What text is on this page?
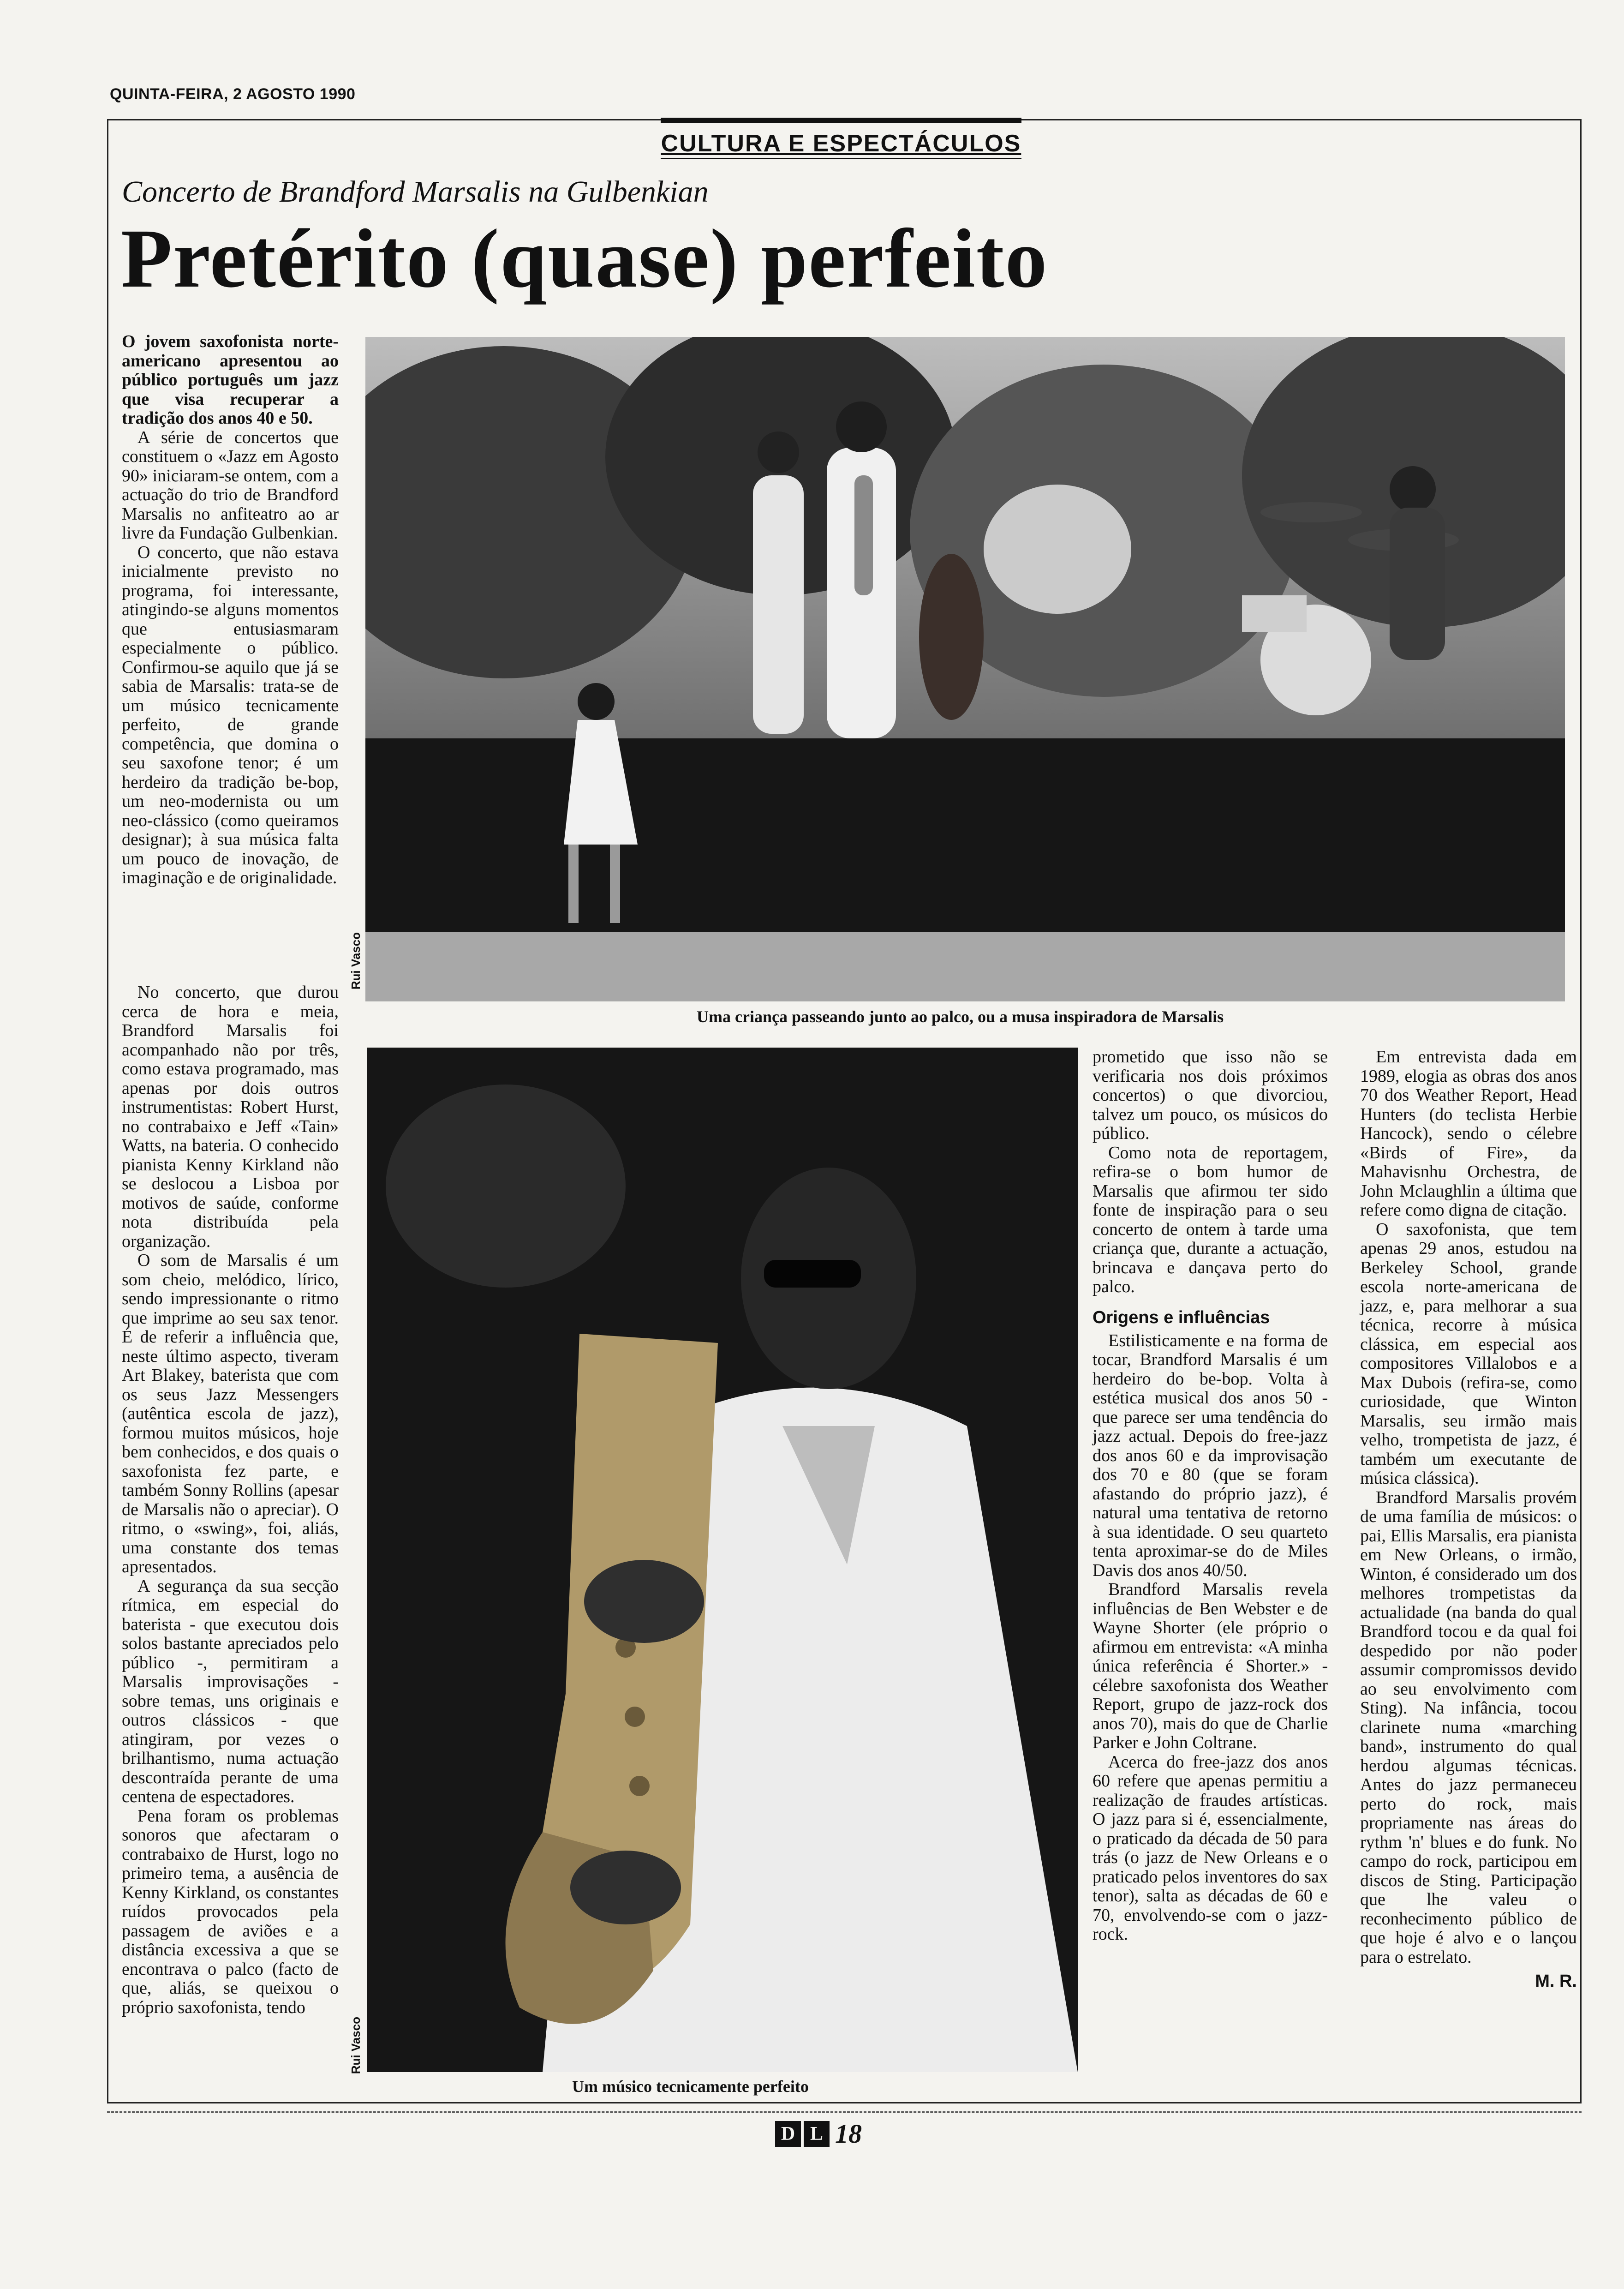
QUINTA-FEIRA, 2 AGOSTO 1990
CULTURA E ESPECTÁCULOS
Concerto de Brandford Marsalis na Gulbenkian
Pretérito (quase) perfeito

O jovem saxofonista norte-americano apresentou ao público português um jazz que visa recuperar a tradição dos anos 40 e 50.

A série de concertos que constituem o «Jazz em Agosto 90» iniciaram-se ontem, com a actuação do trio de Brandford Marsalis no anfiteatro ao ar livre da Fundação Gulbenkian.

O concerto, que não estava inicialmente previsto no programa, foi interessante, atingindo-se alguns momentos que entusiasmaram especialmente o público. Confirmou-se aquilo que já se sabia de Marsalis: trata-se de um músico tecnicamente perfeito, de grande competência, que domina o seu saxofone tenor; é um herdeiro da tradição be-bop, um neo-modernista ou um neo-clássico (como queiramos designar); à sua música falta um pouco de inovação, de imaginação e de originalidade.

Rui Vasco
Uma criança passeando junto ao palco, ou a musa inspiradora de Marsalis

No concerto, que durou cerca de hora e meia, Brandford Marsalis foi acompanhado não por três, como estava programado, mas apenas por dois outros instrumentistas: Robert Hurst, no contrabaixo e Jeff «Tain» Watts, na bateria. O conhecido pianista Kenny Kirkland não se deslocou a Lisboa por motivos de saúde, conforme nota distribuída pela organização.

O som de Marsalis é um som cheio, melódico, lírico, sendo impressionante o ritmo que imprime ao seu sax tenor. É de referir a influência que, neste último aspecto, tiveram Art Blakey, baterista que com os seus Jazz Messengers (autêntica escola de jazz), formou muitos músicos, hoje bem conhecidos, e dos quais o saxofonista fez parte, e também Sonny Rollins (apesar de Marsalis não o apreciar). O ritmo, o «swing», foi, aliás, uma constante dos temas apresentados.

A segurança da sua secção rítmica, em especial do baterista - que executou dois solos bastante apreciados pelo público -, permitiram a Marsalis improvisações - sobre temas, uns originais e outros clássicos - que atingiram, por vezes o brilhantismo, numa actuação descontraída perante de uma centena de espectadores.

Pena foram os problemas sonoros que afectaram o contrabaixo de Hurst, logo no primeiro tema, a ausência de Kenny Kirkland, os constantes ruídos provocados pela passagem de aviões e a distância excessiva a que se encontrava o palco (facto de que, aliás, se queixou o próprio saxofonista, tendo

Rui Vasco
Um músico tecnicamente perfeito

prometido que isso não se verificaria nos dois próximos concertos) o que divorciou, talvez um pouco, os músicos do público.

Como nota de reportagem, refira-se o bom humor de Marsalis que afirmou ter sido fonte de inspiração para o seu concerto de ontem à tarde uma criança que, durante a actuação, brincava e dançava perto do palco.

Origens e influências

Estilisticamente e na forma de tocar, Brandford Marsalis é um herdeiro do be-bop. Volta à estética musical dos anos 50 - que parece ser uma tendência do jazz actual. Depois do free-jazz dos anos 60 e da improvisação dos 70 e 80 (que se foram afastando do próprio jazz), é natural uma tentativa de retorno à sua identidade. O seu quarteto tenta aproximar-se do de Miles Davis dos anos 40/50.

Brandford Marsalis revela influências de Ben Webster e de Wayne Shorter (ele próprio o afirmou em entrevista: «A minha única referência é Shorter.» - célebre saxofonista dos Weather Report, grupo de jazz-rock dos anos 70), mais do que de Charlie Parker e John Coltrane.

Acerca do free-jazz dos anos 60 refere que apenas permitiu a realização de fraudes artísticas. O jazz para si é, essencialmente, o praticado da década de 50 para trás (o jazz de New Orleans e o praticado pelos inventores do sax tenor), salta as décadas de 60 e 70, envolvendo-se com o jazz-rock.

Em entrevista dada em 1989, elogia as obras dos anos 70 dos Weather Report, Head Hunters (do teclista Herbie Hancock), sendo o célebre «Birds of Fire», da Mahavisnhu Orchestra, de John Mclaughlin a última que refere como digna de citação.

O saxofonista, que tem apenas 29 anos, estudou na Berkeley School, grande escola norte-americana de jazz, e, para melhorar a sua técnica, recorre à música clássica, em especial aos compositores Villalobos e a Max Dubois (refira-se, como curiosidade, que Winton Marsalis, seu irmão mais velho, trompetista de jazz, é também um executante de música clássica).

Brandford Marsalis provém de uma família de músicos: o pai, Ellis Marsalis, era pianista em New Orleans, o irmão, Winton, é considerado um dos melhores trompetistas da actualidade (na banda do qual Brandford tocou e da qual foi despedido por não poder assumir compromissos devido ao seu envolvimento com Sting). Na infância, tocou clarinete numa «marching band», instrumento do qual herdou algumas técnicas. Antes do jazz permaneceu perto do rock, mais propriamente nas áreas do rythm 'n' blues e do funk. No campo do rock, participou em discos de Sting. Participação que lhe valeu o reconhecimento público de que hoje é alvo e o lançou para o estrelato.

M. R.
D L 18
